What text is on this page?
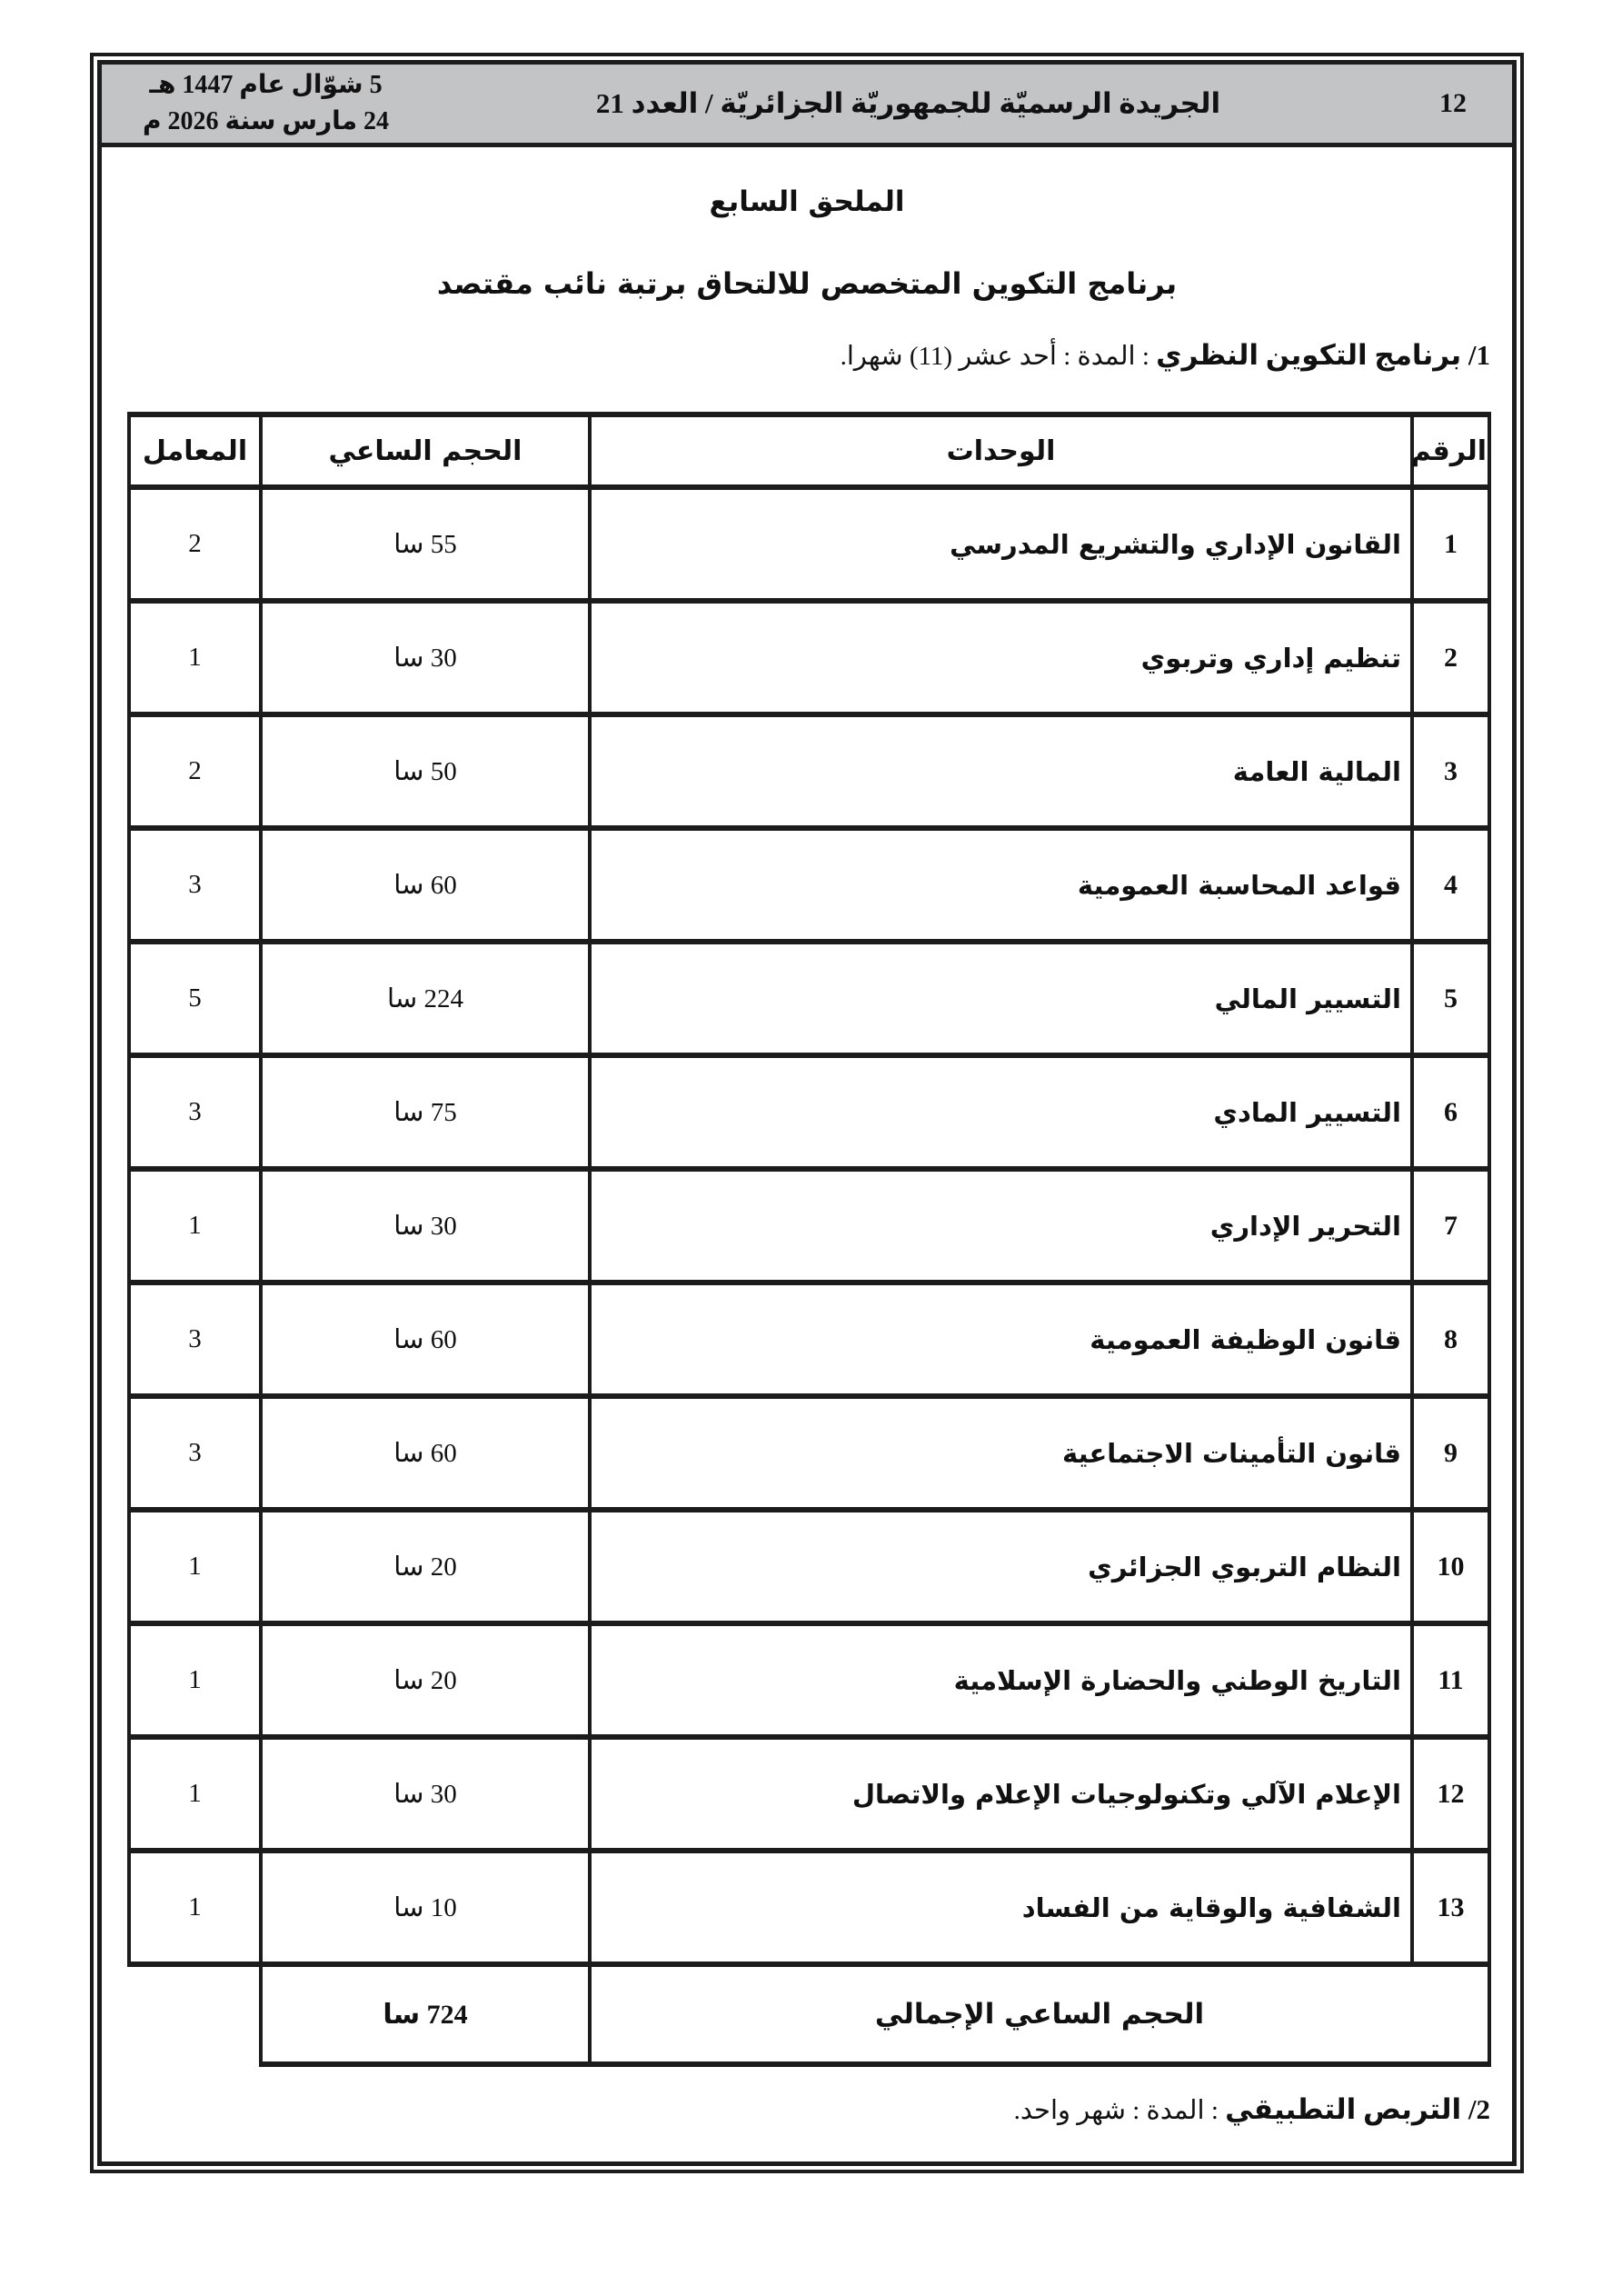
5 شوّال عام 1447 هـ
24 مارس سنة 2026 م
الجريدة الرسميّة للجمهوريّة الجزائريّة / العدد 21	12
الملحق السابع
برنامج التكوين المتخصص للالتحاق برتبة نائب مقتصد

1/ برنامج التكوين النظري : المدة : أحد عشر (11) شهرا.

الرقم	الوحدات	الحجم الساعي	المعامل
1	القانون الإداري والتشريع المدرسي	55 سا	2
2	تنظيم إداري وتربوي	30 سا	1
3	المالية العامة	50 سا	2
4	قواعد المحاسبة العمومية	60 سا	3
5	التسيير المالي	224 سا	5
6	التسيير المادي	75 سا	3
7	التحرير الإداري	30 سا	1
8	قانون الوظيفة العمومية	60 سا	3
9	قانون التأمينات الاجتماعية	60 سا	3
10	النظام التربوي الجزائري	20 سا	1
11	التاريخ الوطني والحضارة الإسلامية	20 سا	1
12	الإعلام الآلي وتكنولوجيات الإعلام والاتصال	30 سا	1
13	الشفافية والوقاية من الفساد	10 سا	1
الحجم الساعي الإجمالي		724 سا	

2/ التربص التطبيقي : المدة : شهر واحد.
